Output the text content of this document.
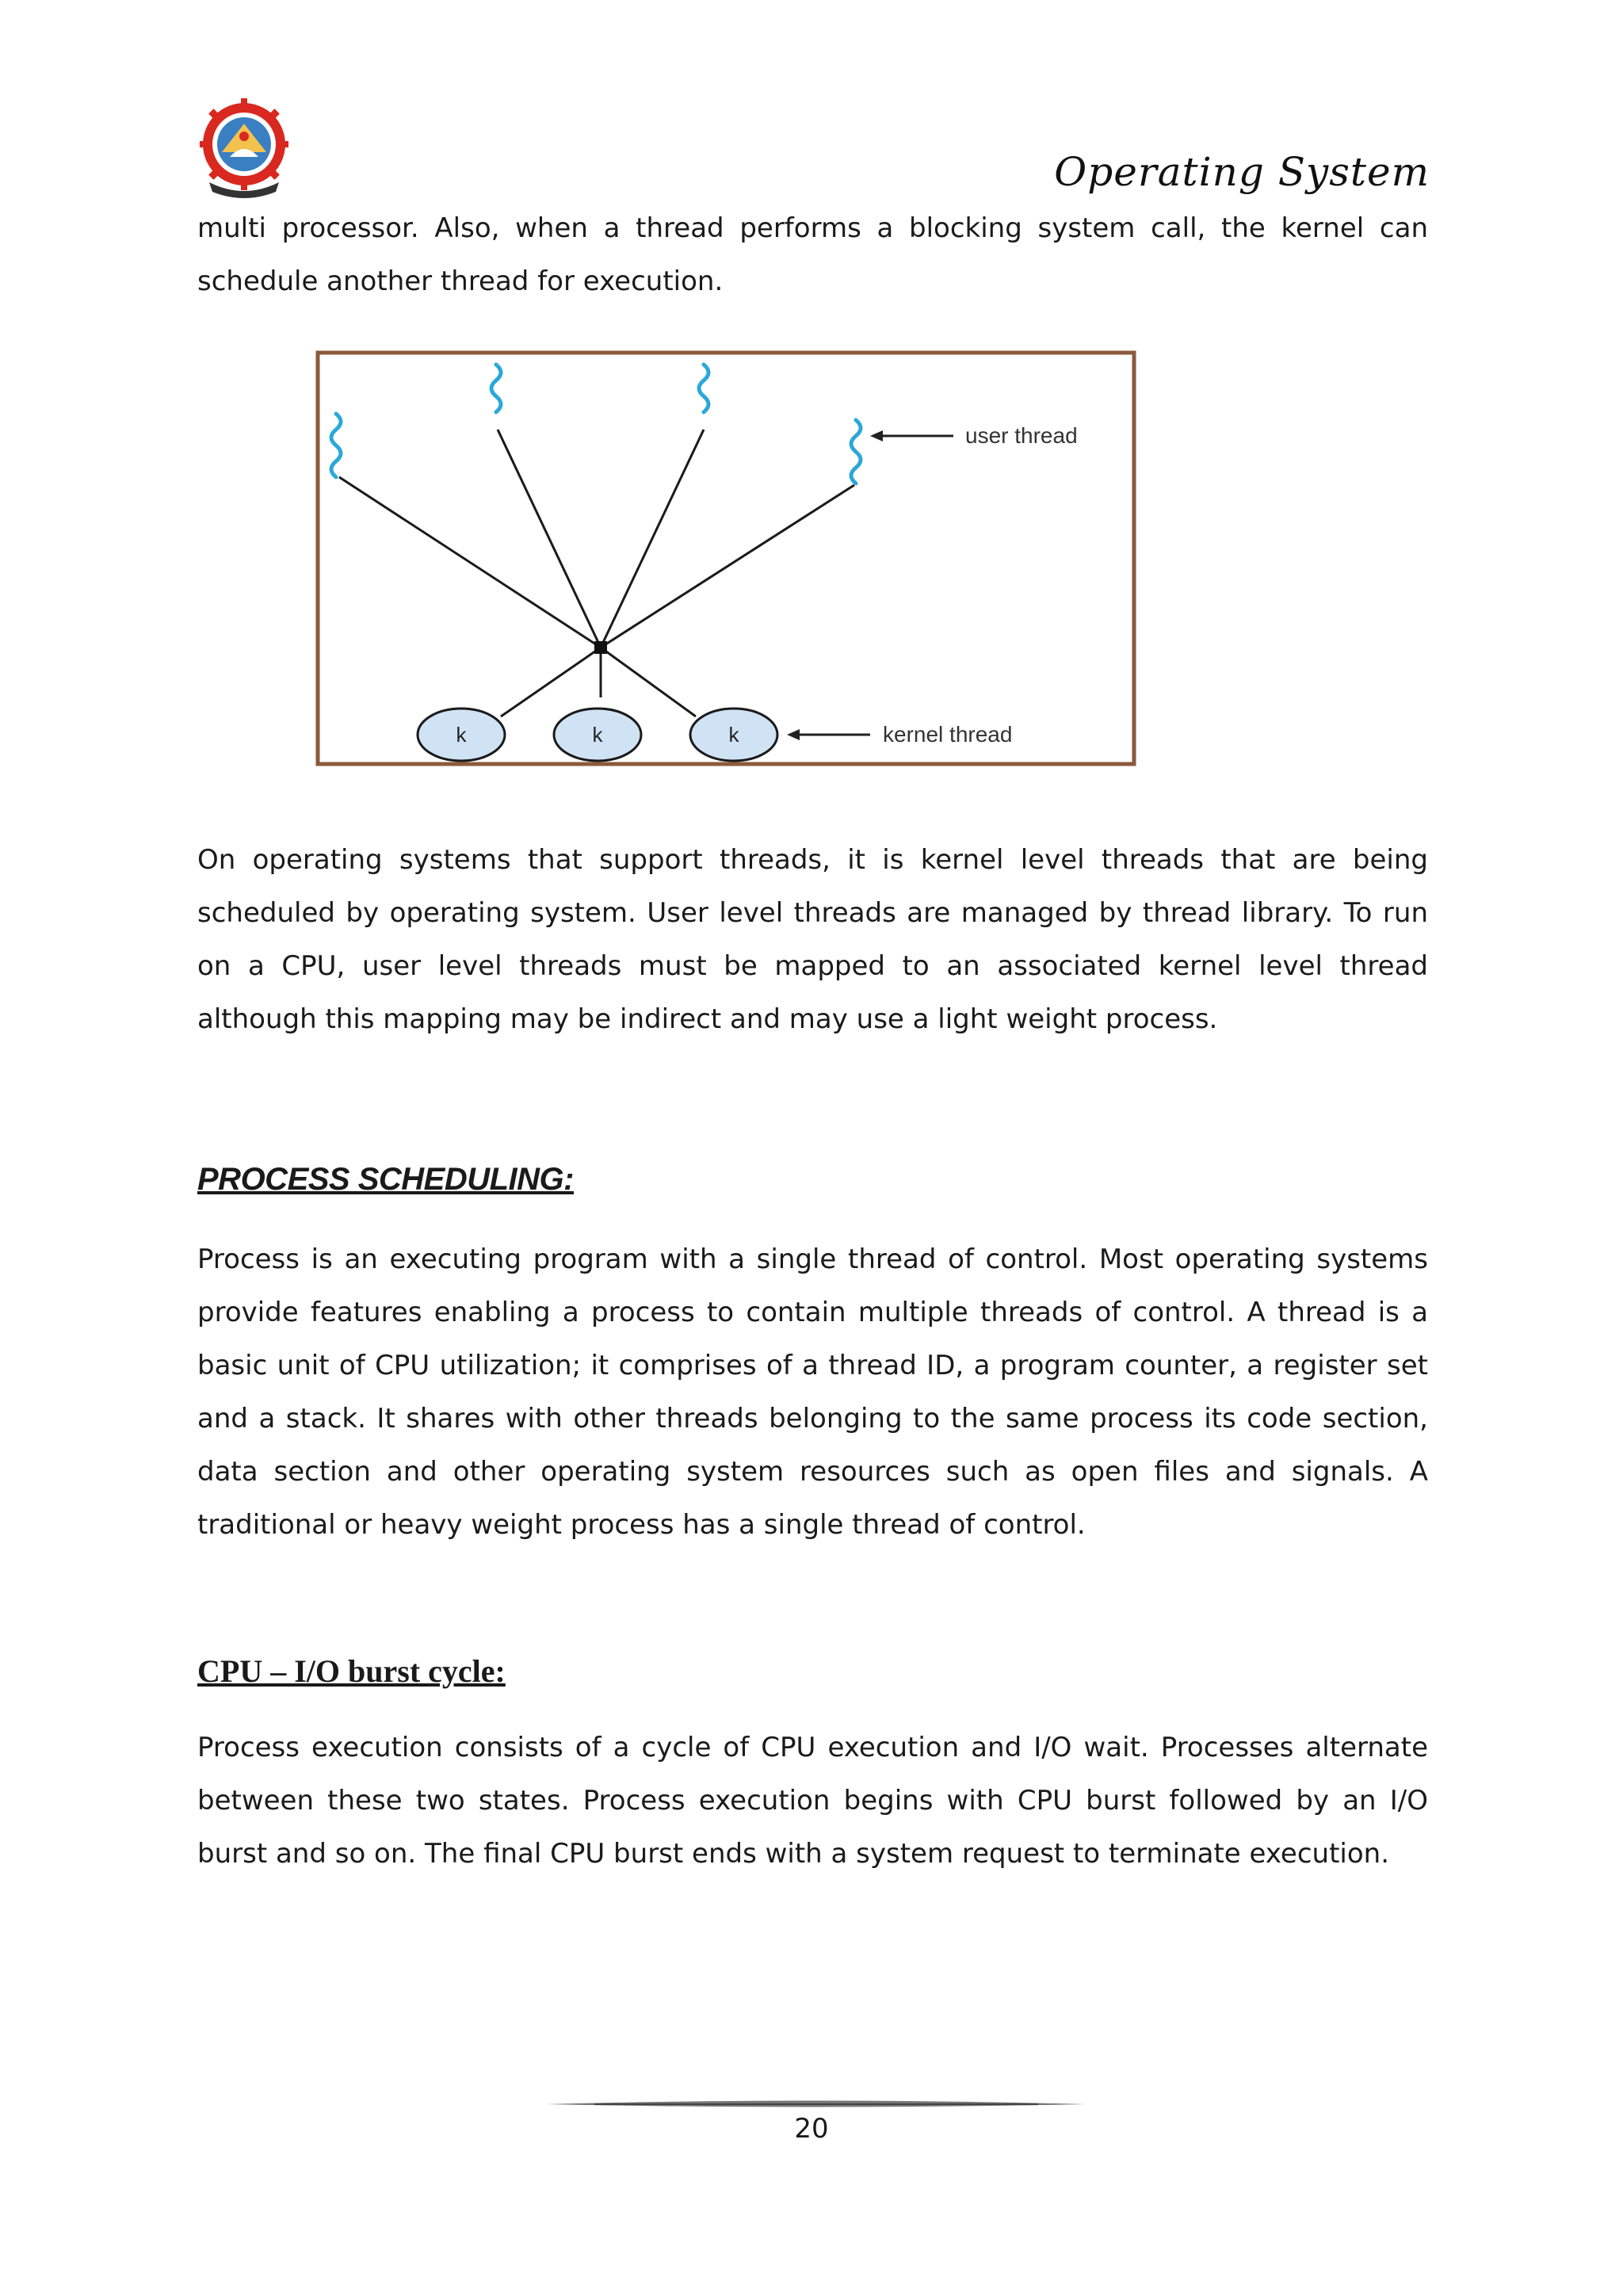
Operating System

multi processor. Also, when a thread performs a blocking system call, the kernel can schedule another thread for execution.

user thread
k	k	k	kernel thread

On operating systems that support threads, it is kernel level threads that are being scheduled by operating system. User level threads are managed by thread library. To run on a CPU, user level threads must be mapped to an associated kernel level thread although this mapping may be indirect and may use a light weight process.

PROCESS SCHEDULING:

Process is an executing program with a single thread of control. Most operating systems provide features enabling a process to contain multiple threads of control. A thread is a basic unit of CPU utilization; it comprises of a thread ID, a program counter, a register set and a stack. It shares with other threads belonging to the same process its code section, data section and other operating system resources such as open files and signals. A traditional or heavy weight process has a single thread of control.

CPU – I/O burst cycle:

Process execution consists of a cycle of CPU execution and I/O wait. Processes alternate between these two states. Process execution begins with CPU burst followed by an I/O burst and so on. The final CPU burst ends with a system request to terminate execution.

20
